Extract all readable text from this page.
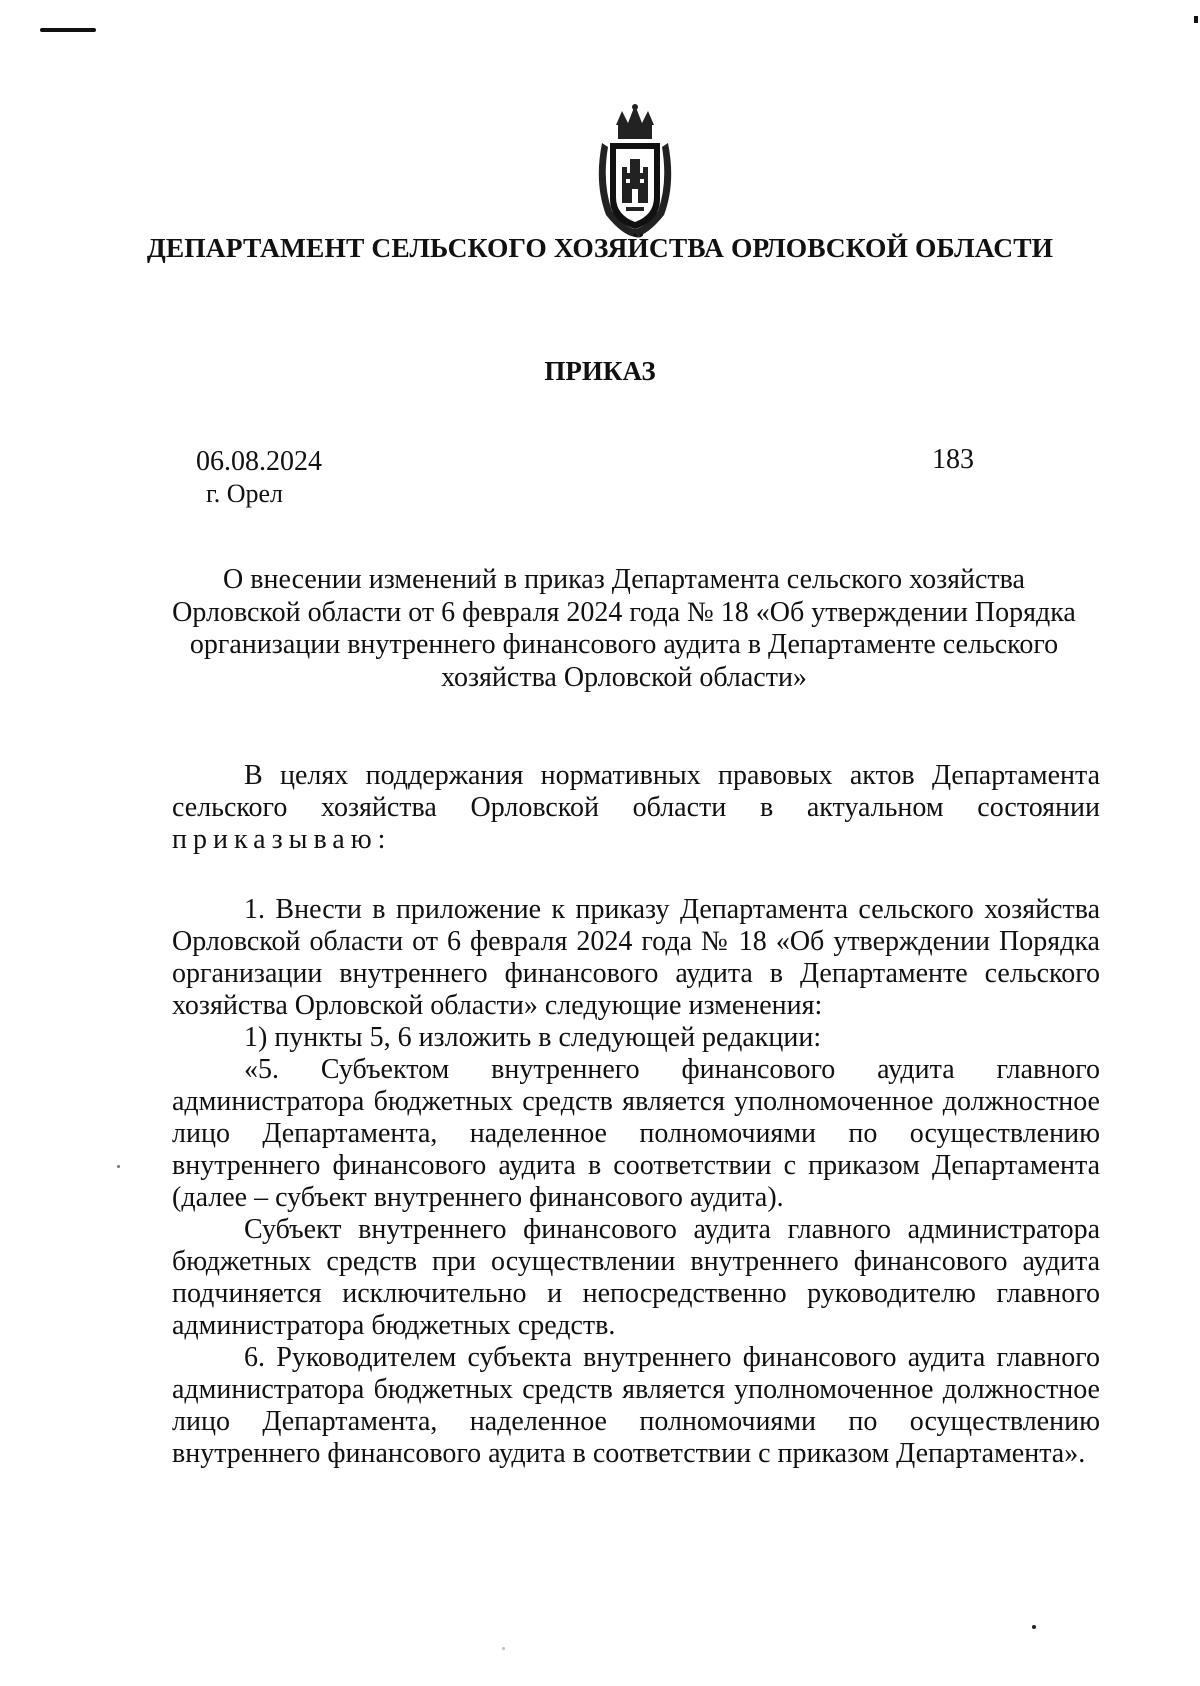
ДЕПАРТАМЕНТ СЕЛЬСКОГО ХОЗЯЙСТВА ОРЛОВСКОЙ ОБЛАСТИ
ПРИКАЗ
06.08.2024	183
г. Орел
О внесении изменений в приказ Департамента сельского хозяйства
Орловской области от 6 февраля 2024 года № 18 «Об утверждении Порядка
организации внутреннего финансового аудита в Департаменте сельского
хозяйства Орловской области»

В целях поддержания нормативных правовых актов Департамента сельского хозяйства Орловской области в актуальном состоянии приказываю:

1. Внести в приложение к приказу Департамента сельского хозяйства Орловской области от 6 февраля 2024 года № 18 «Об утверждении Порядка организации внутреннего финансового аудита в Департаменте сельского хозяйства Орловской области» следующие изменения:

1) пункты 5, 6 изложить в следующей редакции:

«5. Субъектом внутреннего финансового аудита главного администратора бюджетных средств является уполномоченное должностное лицо Департамента, наделенное полномочиями по осуществлению внутреннего финансового аудита в соответствии с приказом Департамента (далее – субъект внутреннего финансового аудита).

Субъект внутреннего финансового аудита главного администратора бюджетных средств при осуществлении внутреннего финансового аудита подчиняется исключительно и непосредственно руководителю главного администратора бюджетных средств.

6. Руководителем субъекта внутреннего финансового аудита главного администратора бюджетных средств является уполномоченное должностное лицо Департамента, наделенное полномочиями по осуществлению внутреннего финансового аудита в соответствии с приказом Департамента».
